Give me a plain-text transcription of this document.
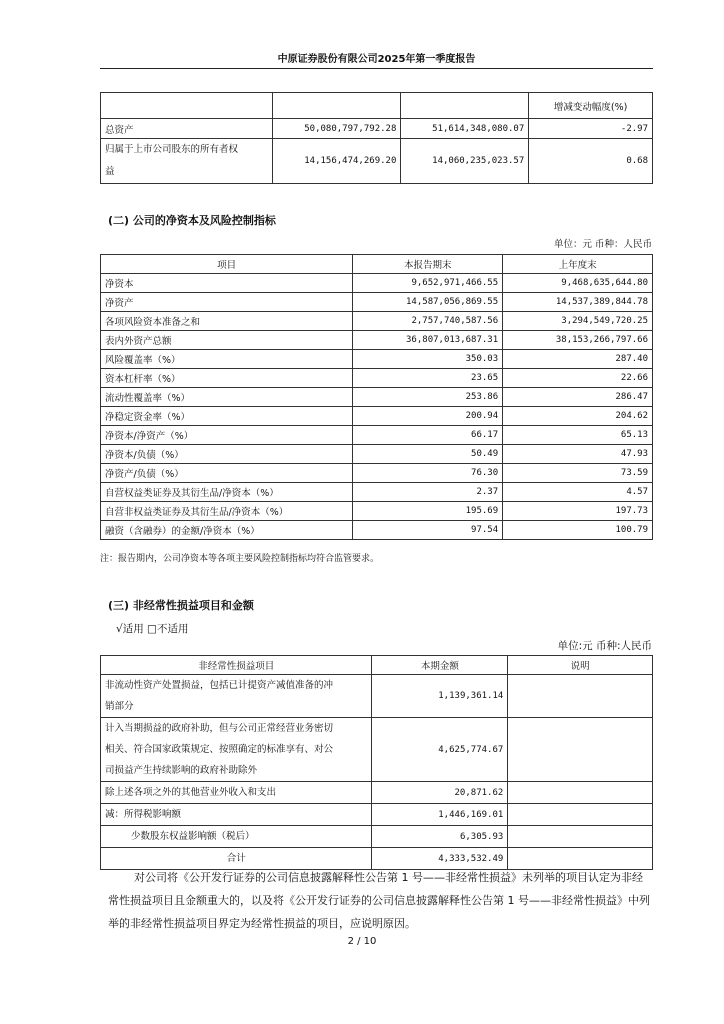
中原证券股份有限公司2025年第一季度报告
			增减变动幅度(%)
总资产	50,080,797,792.28	51,614,348,080.07	-2.97

归属于上市公司股东的所有者权
益	14,156,474,269.20	14,060,235,023.57	0.68
(二) 公司的净资本及风险控制指标
单位：元 币种：人民币
项目	本报告期末	上年度末
净资本	9,652,971,466.55	9,468,635,644.80
净资产	14,587,056,869.55	14,537,389,844.78
各项风险资本准备之和	2,757,740,587.56	3,294,549,720.25
表内外资产总额	36,807,013,687.31	38,153,266,797.66
风险覆盖率（%）	350.03	287.40
资本杠杆率（%）	23.65	22.66
流动性覆盖率（%）	253.86	286.47
净稳定资金率（%）	200.94	204.62
净资本/净资产（%）	66.17	65.13
净资本/负债（%）	50.49	47.93
净资产/负债（%）	76.30	73.59
自营权益类证券及其衍生品/净资本（%）	2.37	4.57
自营非权益类证券及其衍生品/净资本（%）	195.69	197.73
融资（含融券）的金额/净资本（%）	97.54	100.79
注：报告期内，公司净资本等各项主要风险控制指标均符合监管要求。
(三) 非经常性损益项目和金额
√适用 □不适用
单位:元 币种:人民币
非经常性损益项目	本期金额	说明

非流动性资产处置损益，包括已计提资产减值准备的冲
销部分	1,139,361.14	

计入当期损益的政府补助，但与公司正常经营业务密切
相关、符合国家政策规定、按照确定的标准享有、对公
司损益产生持续影响的政府补助除外	4,625,774.67	

除上述各项之外的其他营业外收入和支出	20,871.62	

减：所得税影响额	1,446,169.01	

少数股东权益影响额（税后）	6,305.93	

合计	4,333,532.49	
对公司将《公开发行证券的公司信息披露解释性公告第 1 号——非经常性损益》未列举的项目认定为非经常性损益项目且金额重大的，以及将《公开发行证券的公司信息披露解释性公告第 1 号——非经常性损益》中列举的非经常性损益项目界定为经常性损益的项目，应说明原因。
2 / 10
